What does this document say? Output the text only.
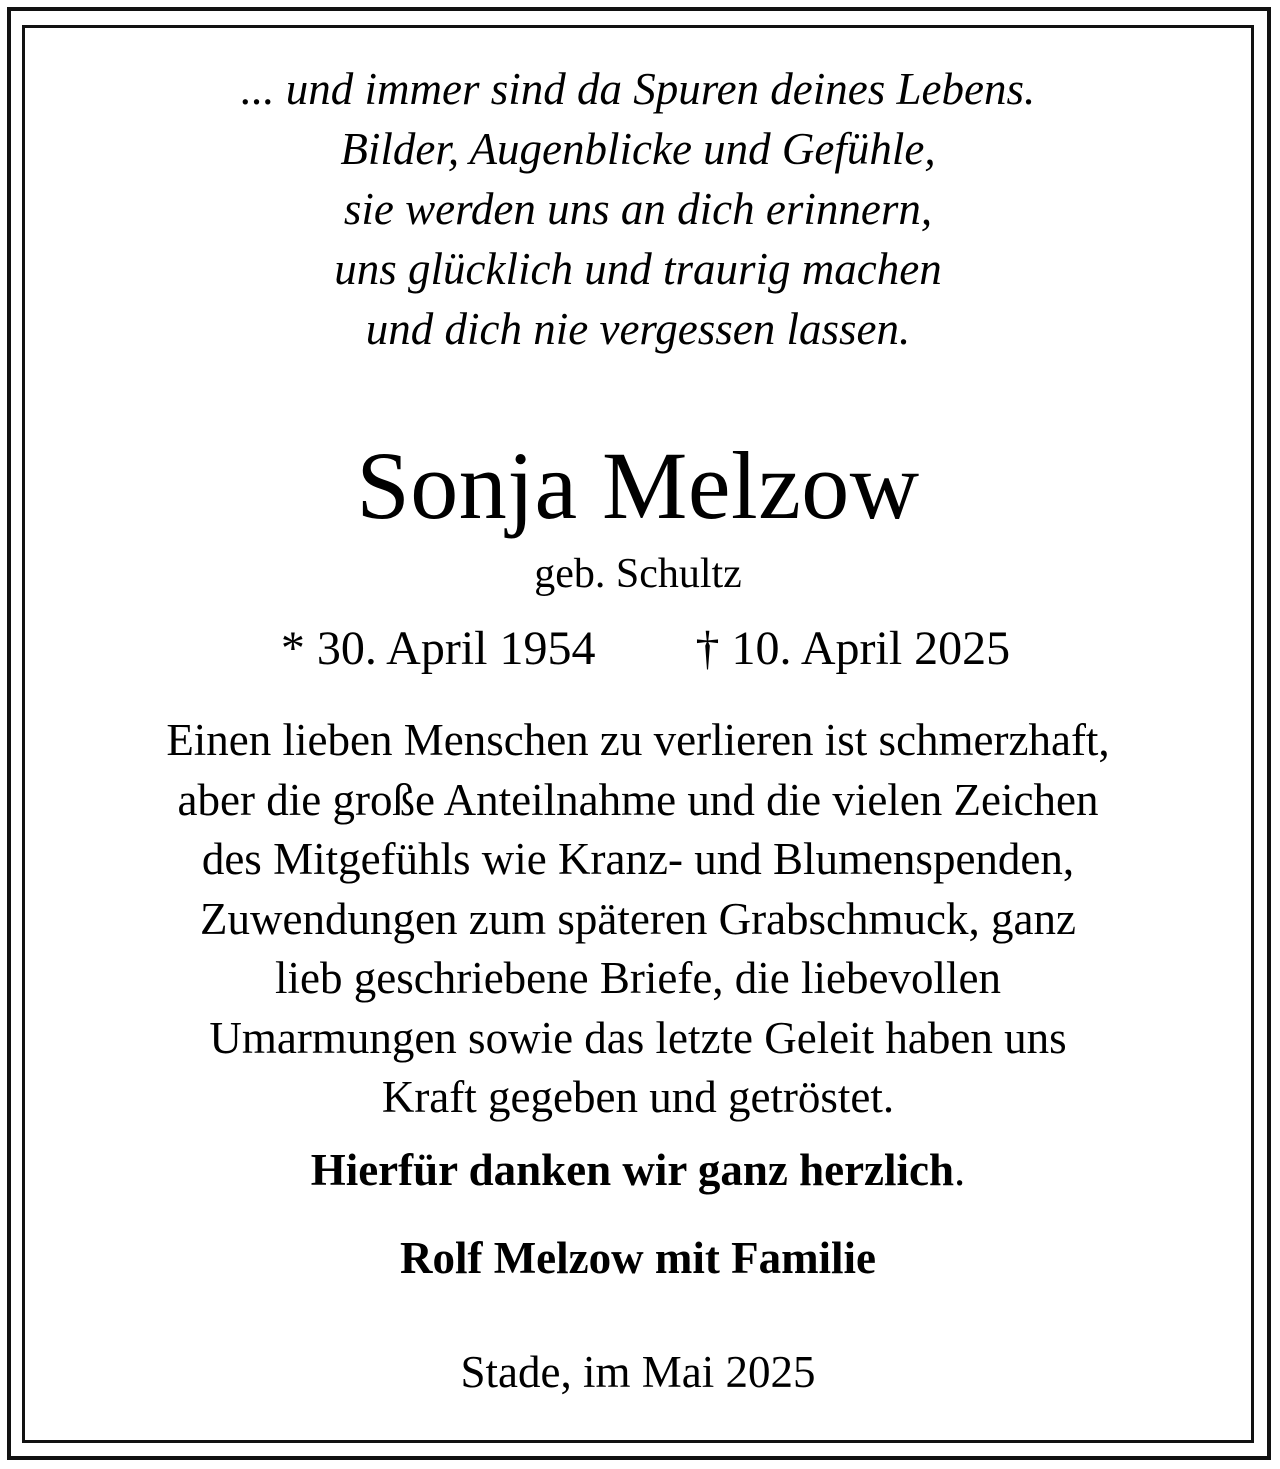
... und immer sind da Spuren deines Lebens.
Bilder, Augenblicke und Gefühle,
sie werden uns an dich erinnern,
uns glücklich und traurig machen
und dich nie vergessen lassen.
Sonja Melzow
geb. Schultz
* 30. April 1954 † 10. April 2025
Einen lieben Menschen zu verlieren ist schmerzhaft,
aber die große Anteilnahme und die vielen Zeichen
des Mitgefühls wie Kranz- und Blumenspenden,
Zuwendungen zum späteren Grabschmuck, ganz
lieb geschriebene Briefe, die liebevollen
Umarmungen sowie das letzte Geleit haben uns
Kraft gegeben und getröstet.
Hierfür danken wir ganz herzlich.
Rolf Melzow mit Familie
Stade, im Mai 2025
